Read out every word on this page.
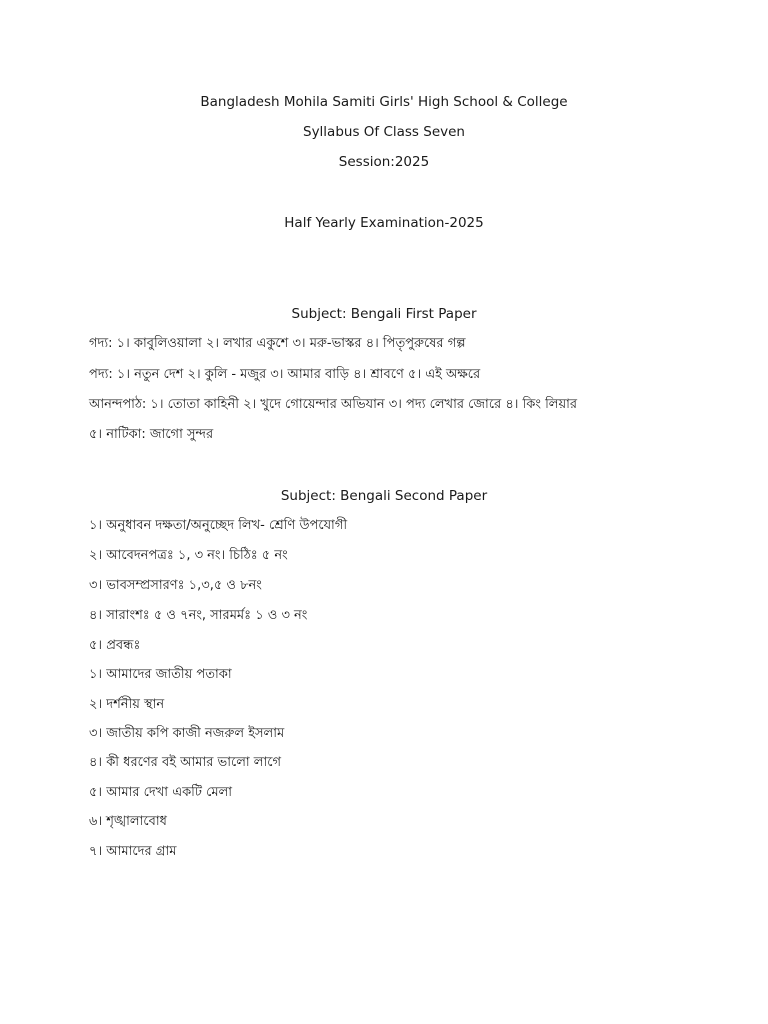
Bangladesh Mohila Samiti Girls' High School & College
Syllabus Of Class Seven
Session:2025
Half Yearly Examination-2025
Subject: Bengali First Paper
গদ্য: ১। কাবুলিওয়ালা ২। লখার একুশে ৩। মরু-ভাস্কর ৪। পিতৃপুরুষের গল্প
পদ্য: ১। নতুন দেশ ২। কুলি - মজুর ৩। আমার বাড়ি ৪। শ্রাবণে ৫। এই অক্ষরে
আনন্দপাঠ: ১। তোতা কাহিনী ২। খুদে গোয়েন্দার অভিযান ৩। পদ্য লেখার জোরে ৪। কিং লিয়ার
৫। নাটিকা: জাগো সুন্দর
Subject: Bengali Second Paper
১। অনুধাবন দক্ষতা/অনুচ্ছেদ লিখ- শ্রেণি উপযোগী
২। আবেদনপত্রঃ ১, ৩ নং। চিঠিঃ ৫ নং
৩। ভাবসম্প্রসারণঃ ১,৩,৫ ও ৮নং
৪। সারাংশঃ ৫ ও ৭নং, সারমর্মঃ ১ ও ৩ নং
৫। প্রবন্ধঃ
১। আমাদের জাতীয় পতাকা
২। দর্শনীয় স্থান
৩। জাতীয় কপি কাজী নজরুল ইসলাম
৪। কী ধরণের বই আমার ভালো লাগে
৫। আমার দেখা একটি মেলা
৬। শৃঙ্খালাবোধ
৭। আমাদের গ্রাম
